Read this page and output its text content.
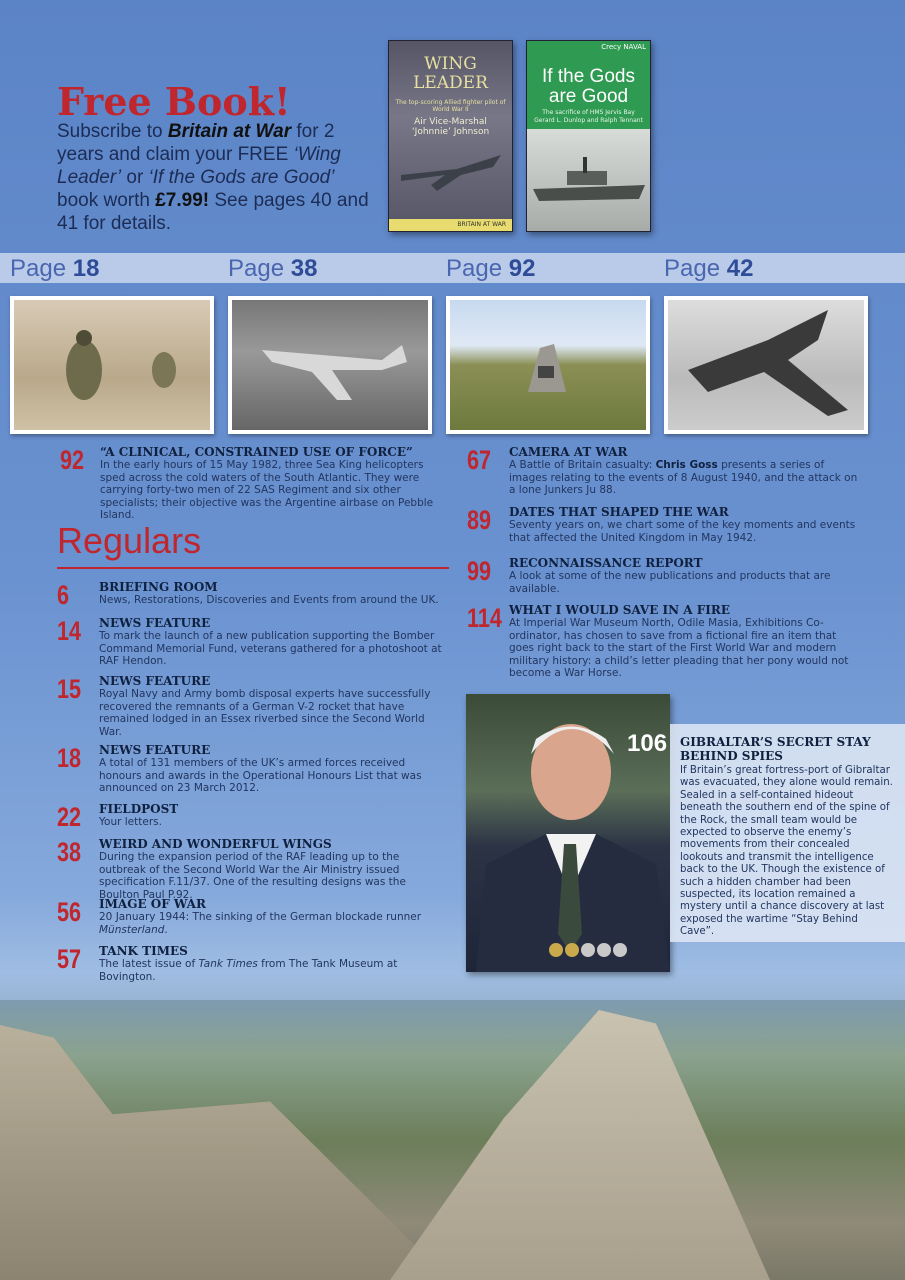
Free Book!
Subscribe to Britain at War for 2 years and claim your FREE ‘Wing Leader’ or ‘If the Gods are Good’ book worth £7.99! See pages 40 and 41 for details.
WING LEADER
The top-scoring Allied fighter pilot of World War II
Air Vice-Marshal ‘Johnnie’ Johnson
BRITAIN AT WAR
Crecy NAVAL
If the Gods are Good
The sacrifice of HMS Jervis Bay
Gerard L. Dunlop and Ralph Tennant
Page 18	Page 38	Page 92	Page 42
92 “A CLINICAL, CONSTRAINED USE OF FORCE”
In the early hours of 15 May 1982, three Sea King helicopters sped across the cold waters of the South Atlantic. They were carrying forty-two men of 22 SAS Regiment and six other specialists; their objective was the Argentine airbase on Pebble Island.
Regulars
6 BRIEFING ROOM
News, Restorations, Discoveries and Events from around the UK.
14 NEWS FEATURE
To mark the launch of a new publication supporting the Bomber Command Memorial Fund, veterans gathered for a photoshoot at RAF Hendon.
15 NEWS FEATURE
Royal Navy and Army bomb disposal experts have successfully recovered the remnants of a German V-2 rocket that have remained lodged in an Essex riverbed since the Second World War.
18 NEWS FEATURE
A total of 131 members of the UK’s armed forces received honours and awards in the Operational Honours List that was announced on 23 March 2012.
22 FIELDPOST
Your letters.
38 WEIRD AND WONDERFUL WINGS
During the expansion period of the RAF leading up to the outbreak of the Second World War the Air Ministry issued specification F.11/37. One of the resulting designs was the Boulton Paul P.92.
56 IMAGE OF WAR
20 January 1944: The sinking of the German blockade runner Münsterland.
57 TANK TIMES
The latest issue of Tank Times from The Tank Museum at Bovington.
67 CAMERA AT WAR
A Battle of Britain casualty: Chris Goss presents a series of images relating to the events of 8 August 1940, and the attack on a lone Junkers Ju 88.
89 DATES THAT SHAPED THE WAR
Seventy years on, we chart some of the key moments and events that affected the United Kingdom in May 1942.
99 RECONNAISSANCE REPORT
A look at some of the new publications and products that are available.
114 WHAT I WOULD SAVE IN A FIRE
At Imperial War Museum North, Odile Masia, Exhibitions Co-ordinator, has chosen to save from a fictional fire an item that goes right back to the start of the First World War and modern military history: a child’s letter pleading that her pony would not become a War Horse.
106 GIBRALTAR’S SECRET STAY BEHIND SPIES
If Britain’s great fortress-port of Gibraltar was evacuated, they alone would remain. Sealed in a self-contained hideout beneath the southern end of the spine of the Rock, the small team would be expected to observe the enemy’s movements from their concealed lookouts and transmit the intelligence back to the UK. Though the existence of such a hidden chamber had been suspected, its location remained a mystery until a chance discovery at last exposed the wartime “Stay Behind Cave”.
